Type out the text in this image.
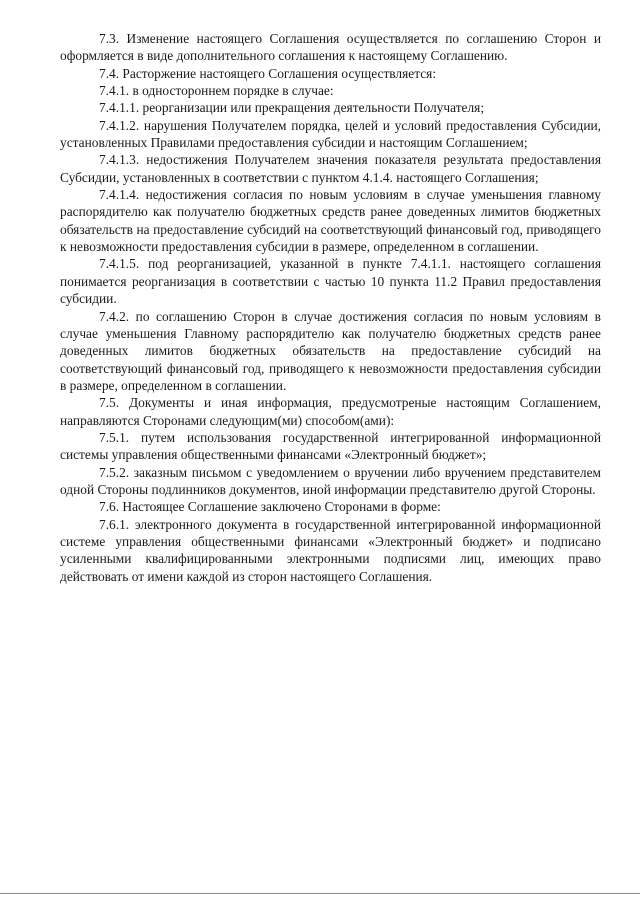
7.3. Изменение настоящего Соглашения осуществляется по соглашению Сторон и оформляется в виде дополнительного соглашения к настоящему Соглашению.

7.4. Расторжение настоящего Соглашения осуществляется:

7.4.1. в одностороннем порядке в случае:

7.4.1.1. реорганизации или прекращения деятельности Получателя;

7.4.1.2. нарушения Получателем порядка, целей и условий предоставления Субсидии, установленных Правилами предоставления субсидии и настоящим Соглашением;

7.4.1.3. недостижения Получателем значения показателя результата предоставления Субсидии, установленных в соответствии с пунктом 4.1.4. настоящего Соглашения;

7.4.1.4. недостижения согласия по новым условиям в случае уменьшения главному распорядителю как получателю бюджетных средств ранее доведенных лимитов бюджетных обязательств на предоставление субсидий на соответствующий финансовый год, приводящего к невозможности предоставления субсидии в размере, определенном в соглашении.

7.4.1.5. под реорганизацией, указанной в пункте 7.4.1.1. настоящего соглашения понимается реорганизация в соответствии с частью 10 пункта 11.2 Правил предоставления субсидии.

7.4.2. по соглашению Сторон в случае достижения согласия по новым условиям в случае уменьшения Главному распорядителю как получателю бюджетных средств ранее доведенных лимитов бюджетных обязательств на предоставление субсидий на соответствующий финансовый год, приводящего к невозможности предоставления субсидии в размере, определенном в соглашении.

7.5. Документы и иная информация, предусмотреные настоящим Соглашением, направляются Сторонами следующим(ми) способом(ами):

7.5.1. путем использования государственной интегрированной информационной системы управления общественными финансами «Электронный бюджет»;

7.5.2. заказным письмом с уведомлением о вручении либо вручением представителем одной Стороны подлинников документов, иной информации представителю другой Стороны.

7.6. Настоящее Соглашение заключено Сторонами в форме:

7.6.1. электронного документа в государственной интегрированной информационной системе управления общественными финансами «Электронный бюджет» и подписано усиленными квалифицированными электронными подписями лиц, имеющих право действовать от имени каждой из сторон настоящего Соглашения.
